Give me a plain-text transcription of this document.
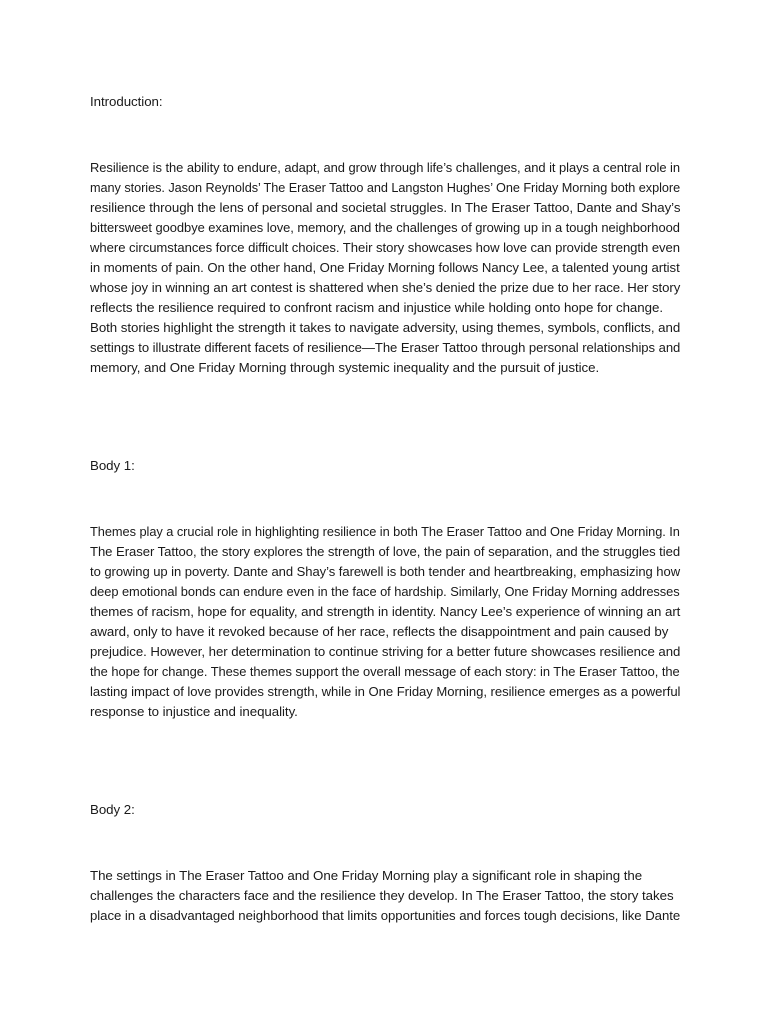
Introduction:

Resilience is the ability to endure, adapt, and grow through life’s challenges, and it plays a central role in

many stories. Jason Reynolds’ The Eraser Tattoo and Langston Hughes’ One Friday Morning both explore

resilience through the lens of personal and societal struggles. In The Eraser Tattoo, Dante and Shay’s

bittersweet goodbye examines love, memory, and the challenges of growing up in a tough neighborhood

where circumstances force difficult choices. Their story showcases how love can provide strength even

in moments of pain. On the other hand, One Friday Morning follows Nancy Lee, a talented young artist

whose joy in winning an art contest is shattered when she’s denied the prize due to her race. Her story

reflects the resilience required to confront racism and injustice while holding onto hope for change.

Both stories highlight the strength it takes to navigate adversity, using themes, symbols, conflicts, and

settings to illustrate different facets of resilience—The Eraser Tattoo through personal relationships and

memory, and One Friday Morning through systemic inequality and the pursuit of justice.

Body 1:

Themes play a crucial role in highlighting resilience in both The Eraser Tattoo and One Friday Morning. In

The Eraser Tattoo, the story explores the strength of love, the pain of separation, and the struggles tied

to growing up in poverty. Dante and Shay’s farewell is both tender and heartbreaking, emphasizing how

deep emotional bonds can endure even in the face of hardship. Similarly, One Friday Morning addresses

themes of racism, hope for equality, and strength in identity. Nancy Lee’s experience of winning an art

award, only to have it revoked because of her race, reflects the disappointment and pain caused by

prejudice. However, her determination to continue striving for a better future showcases resilience and

the hope for change. These themes support the overall message of each story: in The Eraser Tattoo, the

lasting impact of love provides strength, while in One Friday Morning, resilience emerges as a powerful

response to injustice and inequality.

Body 2:

The settings in The Eraser Tattoo and One Friday Morning play a significant role in shaping the

challenges the characters face and the resilience they develop. In The Eraser Tattoo, the story takes

place in a disadvantaged neighborhood that limits opportunities and forces tough decisions, like Dante
